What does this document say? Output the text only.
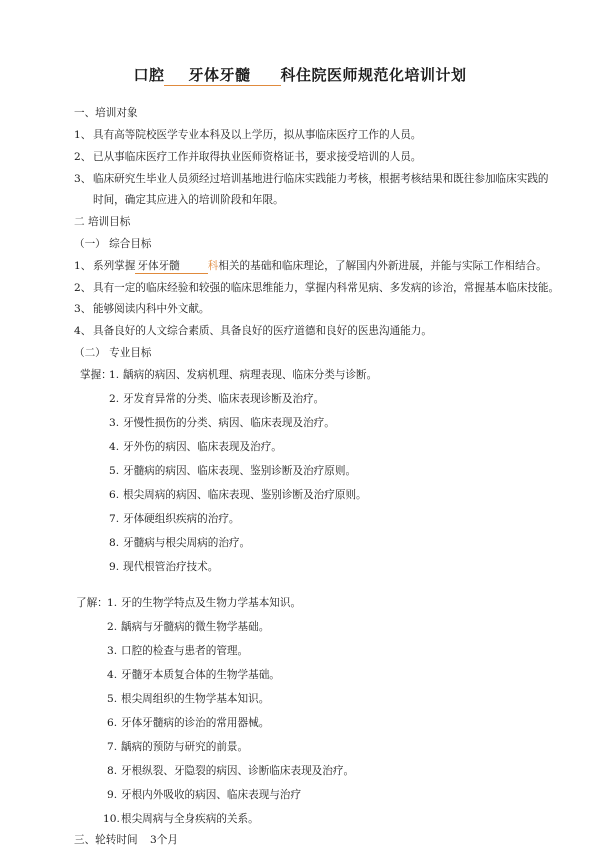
口腔 牙体牙髓 科住院医师规范化培训计划
一、培训对象
1、 具有高等院校医学专业本科及以上学历，拟从事临床医疗工作的人员。
2、 已从事临床医疗工作并取得执业医师资格证书，要求接受培训的人员。
3、 临床研究生毕业人员须经过培训基地进行临床实践能力考核，根据考核结果和既往参加临床实践的
时间，确定其应进入的培训阶段和年限。
二 培训目标
（一） 综合目标
1、 系列掌握 牙体牙髓	科相关的基础和临床理论，了解国内外新进展，并能与实际工作相结合。
2、 具有一定的临床经验和较强的临床思维能力，掌握内科常见病、多发病的诊治，常握基本临床技能。
3、 能够阅读内科中外文献。
4、 具备良好的人文综合素质、具备良好的医疗道德和良好的医患沟通能力。
（二） 专业目标
掌握：
1. 龋病的病因、发病机理、病理表现、临床分类与诊断。
2. 牙发育异常的分类、临床表现诊断及治疗。
3. 牙慢性损伤的分类、病因、临床表现及治疗。
4. 牙外伤的病因、临床表现及治疗。
5. 牙髓病的病因、临床表现、鉴别诊断及治疗原则。
6. 根尖周病的病因、临床表现、鉴别诊断及治疗原则。
7. 牙体硬组织疾病的治疗。
8. 牙髓病与根尖周病的治疗。
9. 现代根管治疗技术。
了解： 1. 牙的生物学特点及生物力学基本知识。
2. 龋病与牙髓病的微生物学基础。
3. 口腔的检查与患者的管理。
4. 牙髓牙本质复合体的生物学基础。
5. 根尖周组织的生物学基本知识。
6. 牙体牙髓病的诊治的常用器械。
7. 龋病的预防与研究的前景。
8. 牙根纵裂、牙隐裂的病因、诊断临床表现及治疗。
9. 牙根内外吸收的病因、临床表现与治疗
10.根尖周病与全身疾病的关系。
三、轮转时间 3个月
